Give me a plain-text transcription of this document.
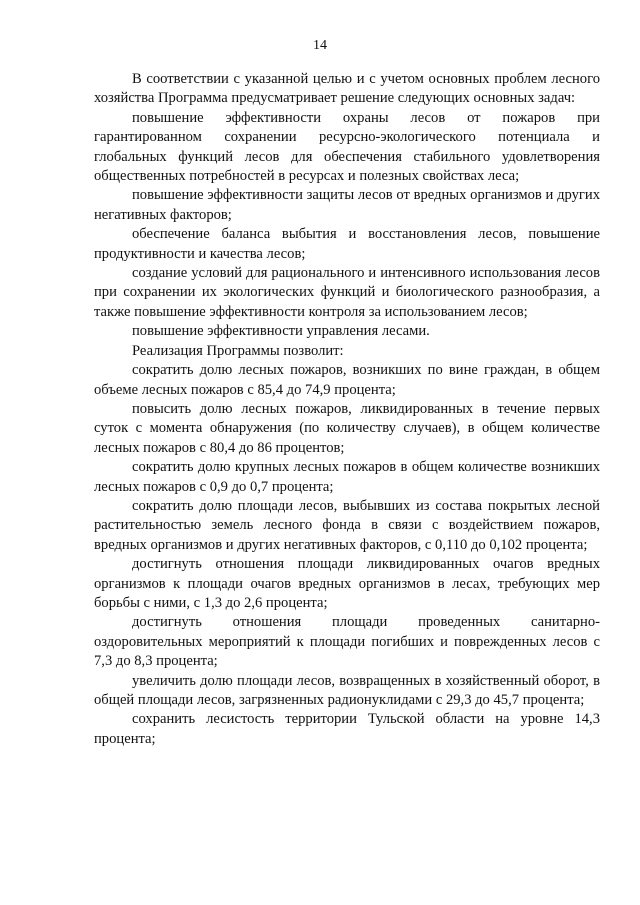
14

В соответствии с указанной целью и с учетом основных проблем лесного хозяйства Программа предусматривает решение следующих основных задач:

повышение эффективности охраны лесов от пожаров при гарантированном сохранении ресурсно-экологического потенциала и глобальных функций лесов для обеспечения стабильного удовлетворения общественных потребностей в ресурсах и полезных свойствах леса;

повышение эффективности защиты лесов от вредных организмов и других негативных факторов;

обеспечение баланса выбытия и восстановления лесов, повышение продуктивности и качества лесов;

создание условий для рационального и интенсивного использования лесов при сохранении их экологических функций и биологического разнообразия, а также повышение эффективности контроля за использованием лесов;

повышение эффективности управления лесами.

Реализация Программы позволит:

сократить долю лесных пожаров, возникших по вине граждан, в общем объеме лесных пожаров с 85,4 до 74,9 процента;

повысить долю лесных пожаров, ликвидированных в течение первых суток с момента обнаружения (по количеству случаев), в общем количестве лесных пожаров с 80,4 до 86 процентов;

сократить долю крупных лесных пожаров в общем количестве возникших лесных пожаров с 0,9 до 0,7 процента;

сократить долю площади лесов, выбывших из состава покрытых лесной растительностью земель лесного фонда в связи с воздействием пожаров, вредных организмов и других негативных факторов, с 0,110 до 0,102 процента;

достигнуть отношения площади ликвидированных очагов вредных организмов к площади очагов вредных организмов в лесах, требующих мер борьбы с ними, с 1,3 до 2,6 процента;

достигнуть отношения площади проведенных санитарно-оздоровительных мероприятий к площади погибших и поврежденных лесов с 7,3 до 8,3 процента;

увеличить долю площади лесов, возвращенных в хозяйственный оборот, в общей площади лесов, загрязненных радионуклидами с 29,3 до 45,7 процента;

сохранить лесистость территории Тульской области на уровне 14,3 процента;
